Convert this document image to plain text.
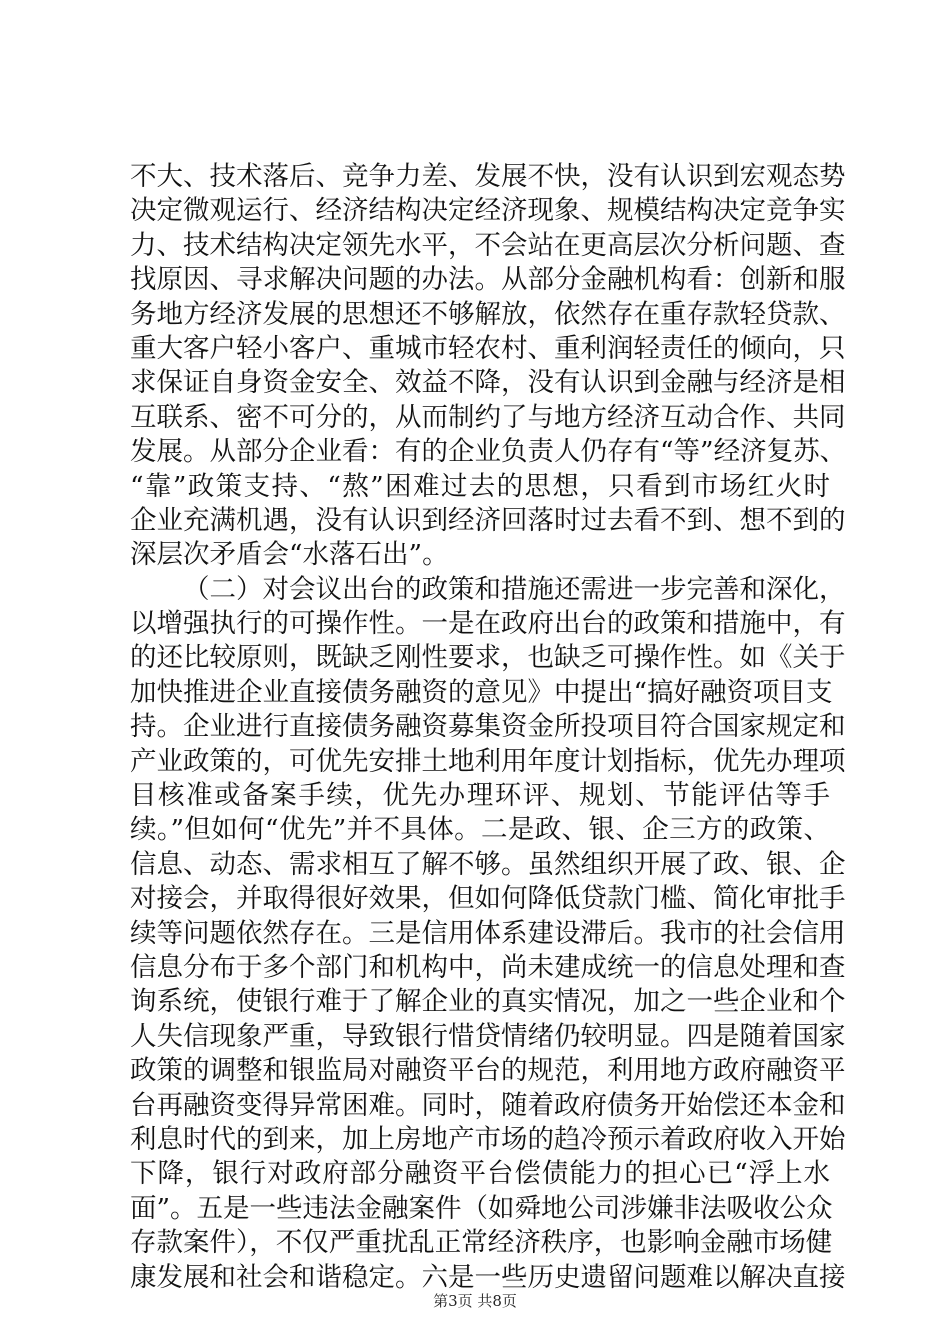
不大、技术落后、竞争力差、发展不快，没有认识到宏观态势
决定微观运行、经济结构决定经济现象、规模结构决定竞争实
力、技术结构决定领先水平，不会站在更高层次分析问题、查
找原因、寻求解决问题的办法。从部分金融机构看：创新和服
务地方经济发展的思想还不够解放，依然存在重存款轻贷款、
重大客户轻小客户、重城市轻农村、重利润轻责任的倾向，只
求保证自身资金安全、效益不降，没有认识到金融与经济是相
互联系、密不可分的，从而制约了与地方经济互动合作、共同
发展。从部分企业看：有的企业负责人仍存有“等”经济复苏、
“靠”政策支持、“熬”困难过去的思想，只看到市场红火时
企业充满机遇，没有认识到经济回落时过去看不到、想不到的
深层次矛盾会“水落石出”。
（二）对会议出台的政策和措施还需进一步完善和深化，
以增强执行的可操作性。一是在政府出台的政策和措施中，有
的还比较原则，既缺乏刚性要求，也缺乏可操作性。如《关于
加快推进企业直接债务融资的意见》中提出“搞好融资项目支
持。企业进行直接债务融资募集资金所投项目符合国家规定和
产业政策的，可优先安排土地利用年度计划指标，优先办理项
目核准或备案手续，优先办理环评、规划、节能评估等手
续。”但如何“优先”并不具体。二是政、银、企三方的政策、
信息、动态、需求相互了解不够。虽然组织开展了政、银、企
对接会，并取得很好效果，但如何降低贷款门槛、简化审批手
续等问题依然存在。三是信用体系建设滞后。我市的社会信用
信息分布于多个部门和机构中，尚未建成统一的信息处理和查
询系统，使银行难于了解企业的真实情况，加之一些企业和个
人失信现象严重，导致银行惜贷情绪仍较明显。四是随着国家
政策的调整和银监局对融资平台的规范，利用地方政府融资平
台再融资变得异常困难。同时，随着政府债务开始偿还本金和
利息时代的到来，加上房地产市场的趋冷预示着政府收入开始
下降，银行对政府部分融资平台偿债能力的担心已“浮上水
面”。五是一些违法金融案件（如舜地公司涉嫌非法吸收公众
存款案件），不仅严重扰乱正常经济秩序，也影响金融市场健
康发展和社会和谐稳定。六是一些历史遗留问题难以解决直接
第3页 共8页
